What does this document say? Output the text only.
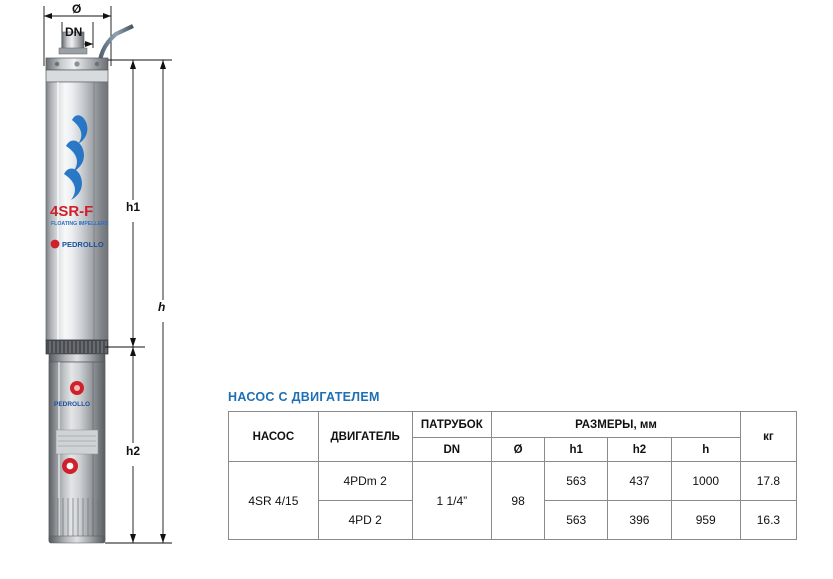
4SR-F
FLOATING IMPELLERS
PEDROLLO
PEDROLLO
Ø
DN
h1
h
h2
НАСОС С ДВИГАТЕЛЕМ
НАСОС	ДВИГАТЕЛЬ	ПАТРУБОК	РАЗМЕРЫ, мм				кг
		DN	Ø	h1	h2	h	
4SR 4/15	4PDm 2	1 1/4”	98	563	437	1000	17.8
	4PD 2			563	396	959	16.3
